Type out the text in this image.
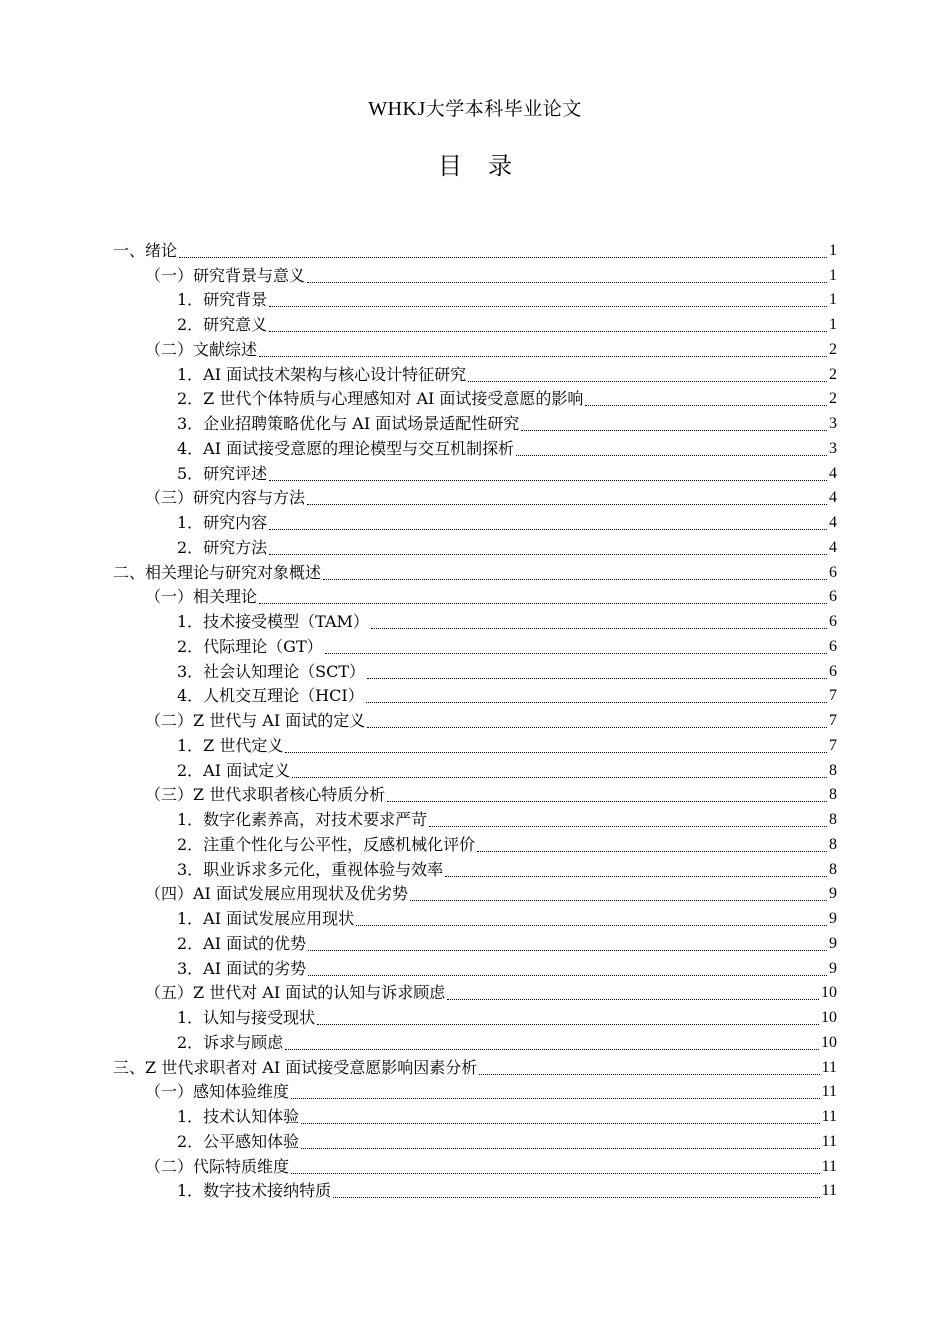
WHKJ大学本科毕业论文
目录
一、绪论	1
（一）研究背景与意义	1
1．研究背景	1
2．研究意义	1
（二）文献综述	2
1．AI 面试技术架构与核心设计特征研究	2
2．Z 世代个体特质与心理感知对 AI 面试接受意愿的影响	2
3．企业招聘策略优化与 AI 面试场景适配性研究	3
4．AI 面试接受意愿的理论模型与交互机制探析	3
5．研究评述	4
（三）研究内容与方法	4
1．研究内容	4
2．研究方法	4
二、相关理论与研究对象概述	6
（一）相关理论	6
1．技术接受模型（TAM）	6
2．代际理论（GT）	6
3．社会认知理论（SCT）	6
4．人机交互理论（HCI）	7
（二）Z 世代与 AI 面试的定义	7
1．Z 世代定义	7
2．AI 面试定义	8
（三）Z 世代求职者核心特质分析	8
1．数字化素养高，对技术要求严苛	8
2．注重个性化与公平性，反感机械化评价	8
3．职业诉求多元化，重视体验与效率	8
（四）AI 面试发展应用现状及优劣势	9
1．AI 面试发展应用现状	9
2．AI 面试的优势	9
3．AI 面试的劣势	9
（五）Z 世代对 AI 面试的认知与诉求顾虑	10
1．认知与接受现状	10
2．诉求与顾虑	10
三、Z 世代求职者对 AI 面试接受意愿影响因素分析	11
（一）感知体验维度	11
1．技术认知体验	11
2．公平感知体验	11
（二）代际特质维度	11
1．数字技术接纳特质	11
